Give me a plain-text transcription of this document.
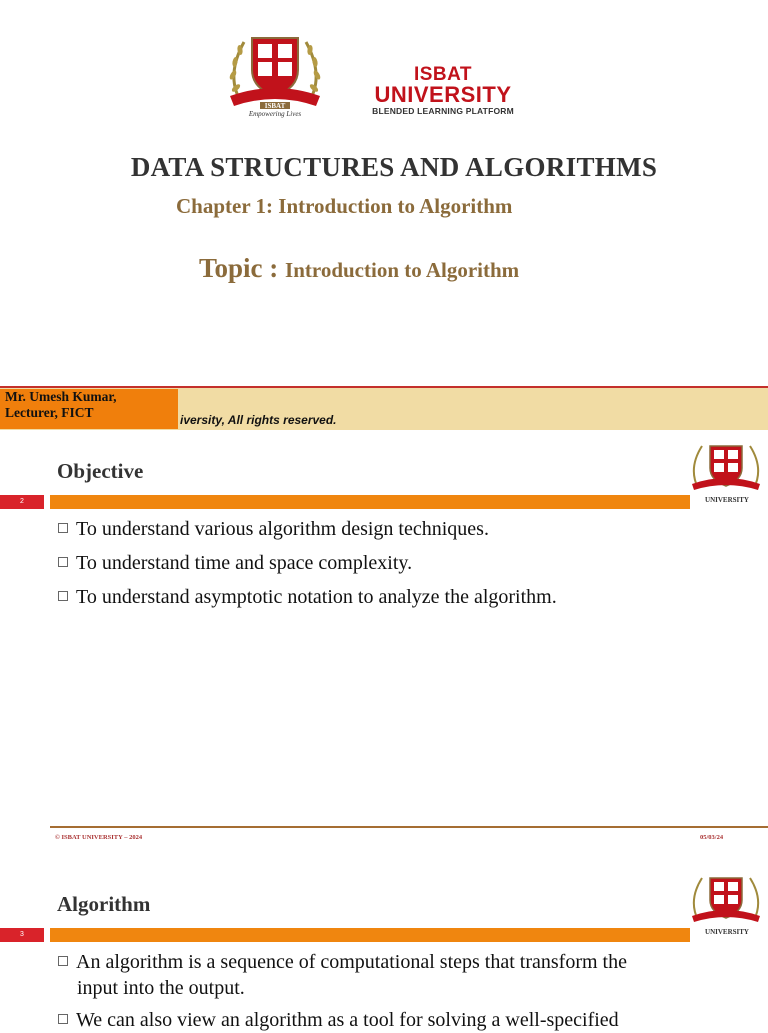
ISBAT
Empowering Lives
ISBAT
UNIVERSITY
BLENDED LEARNING PLATFORM
DATA STRUCTURES AND ALGORITHMS
Chapter 1: Introduction to Algorithm
Topic : Introduction to Algorithm
Mr. Umesh Kumar,
Lecturer, FICT	iversity, All rights reserved.
Objective
UNIVERSITY
2
To understand various algorithm design techniques.
To understand time and space complexity.
To understand asymptotic notation to analyze the algorithm.
© ISBAT UNIVERSITY – 2024	05/03/24
Algorithm
UNIVERSITY
3
An algorithm is a sequence of computational steps that transform the
input into the output.
We can also view an algorithm as a tool for solving a well-specified
